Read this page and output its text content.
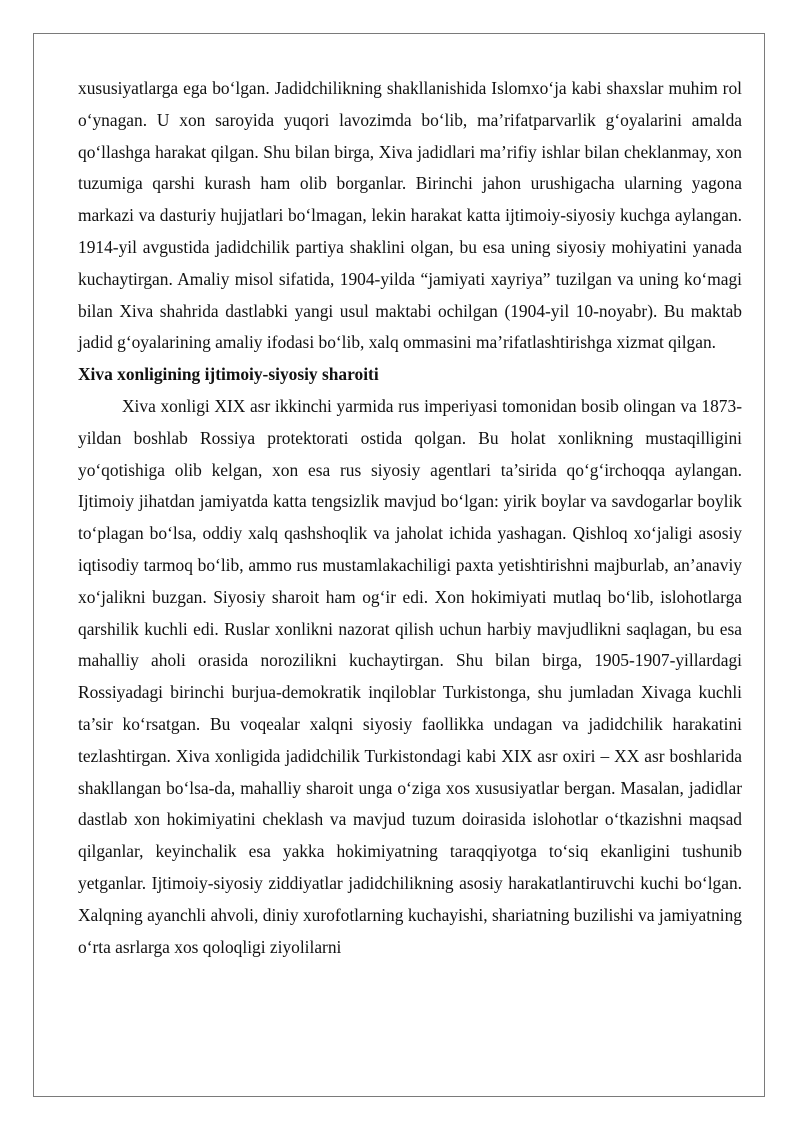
xususiyatlarga ega bo‘lgan. Jadidchilikning shakllanishida Islomxo‘ja kabi shaxslar muhim rol o‘ynagan. U xon saroyida yuqori lavozimda bo‘lib, ma’rifatparvarlik g‘oyalarini amalda qo‘llashga harakat qilgan. Shu bilan birga, Xiva jadidlari ma’rifiy ishlar bilan cheklanmay, xon tuzumiga qarshi kurash ham olib borganlar. Birinchi jahon urushigacha ularning yagona markazi va dasturiy hujjatlari bo‘lmagan, lekin harakat katta ijtimoiy-siyosiy kuchga aylangan. 1914-yil avgustida jadidchilik partiya shaklini olgan, bu esa uning siyosiy mohiyatini yanada kuchaytirgan. Amaliy misol sifatida, 1904-yilda “jamiyati xayriya” tuzilgan va uning ko‘magi bilan Xiva shahrida dastlabki yangi usul maktabi ochilgan (1904-yil 10-noyabr). Bu maktab jadid g‘oyalarining amaliy ifodasi bo‘lib, xalq ommasini ma’rifatlashtirishga xizmat qilgan.

Xiva xonligining ijtimoiy-siyosiy sharoiti

Xiva xonligi XIX asr ikkinchi yarmida rus imperiyasi tomonidan bosib olingan va 1873-yildan boshlab Rossiya protektorati ostida qolgan. Bu holat xonlikning mustaqilligini yo‘qotishiga olib kelgan, xon esa rus siyosiy agentlari ta’sirida qo‘g‘irchoqqa aylangan. Ijtimoiy jihatdan jamiyatda katta tengsizlik mavjud bo‘lgan: yirik boylar va savdogarlar boylik to‘plagan bo‘lsa, oddiy xalq qashshoqlik va jaholat ichida yashagan. Qishloq xo‘jaligi asosiy iqtisodiy tarmoq bo‘lib, ammo rus mustamlakachiligi paxta yetishtirishni majburlab, an’anaviy xo‘jalikni buzgan. Siyosiy sharoit ham og‘ir edi. Xon hokimiyati mutlaq bo‘lib, islohotlarga qarshilik kuchli edi. Ruslar xonlikni nazorat qilish uchun harbiy mavjudlikni saqlagan, bu esa mahalliy aholi orasida norozilikni kuchaytirgan. Shu bilan birga, 1905-1907-yillardagi Rossiyadagi birinchi burjua-demokratik inqiloblar Turkistonga, shu jumladan Xivaga kuchli ta’sir ko‘rsatgan. Bu voqealar xalqni siyosiy faollikka undagan va jadidchilik harakatini tezlashtirgan. Xiva xonligida jadidchilik Turkistondagi kabi XIX asr oxiri – XX asr boshlarida shakllangan bo‘lsa-da, mahalliy sharoit unga o‘ziga xos xususiyatlar bergan. Masalan, jadidlar dastlab xon hokimiyatini cheklash va mavjud tuzum doirasida islohotlar o‘tkazishni maqsad qilganlar, keyinchalik esa yakka hokimiyatning taraqqiyotga to‘siq ekanligini tushunib yetganlar. Ijtimoiy-siyosiy ziddiyatlar jadidchilikning asosiy harakatlantiruvchi kuchi bo‘lgan. Xalqning ayanchli ahvoli, diniy xurofotlarning kuchayishi, shariatning buzilishi va jamiyatning o‘rta asrlarga xos qoloqligi ziyolilarni
